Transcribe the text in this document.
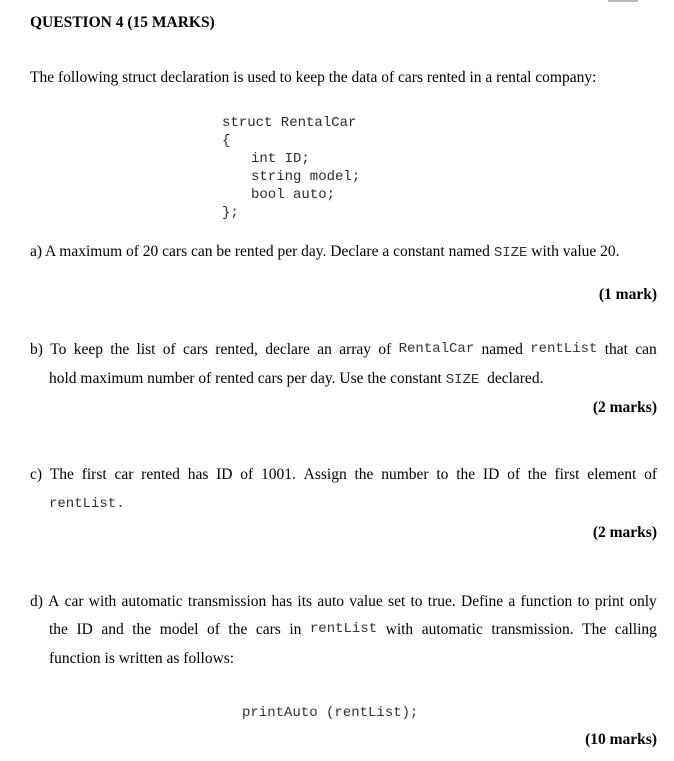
QUESTION 4 (15 MARKS)
The following struct declaration is used to keep the data of cars rented in a rental company:
struct RentalCar
{
int ID;
string model;
bool auto;
};
a) A maximum of 20 cars can be rented per day. Declare a constant named SIZE with value 20.
(1 mark)
b) To keep the list of cars rented, declare an array of RentalCar named rentList that can
hold maximum number of rented cars per day. Use the constant SIZE  declared.
(2 marks)
c) The first car rented has ID of 1001. Assign the number to the ID of the first element of
rentList.
(2 marks)
d) A car with automatic transmission has its auto value set to true. Define a function to print only
the ID and the model of the cars in rentList with automatic transmission. The calling
function is written as follows:
printAuto (rentList);
(10 marks)
